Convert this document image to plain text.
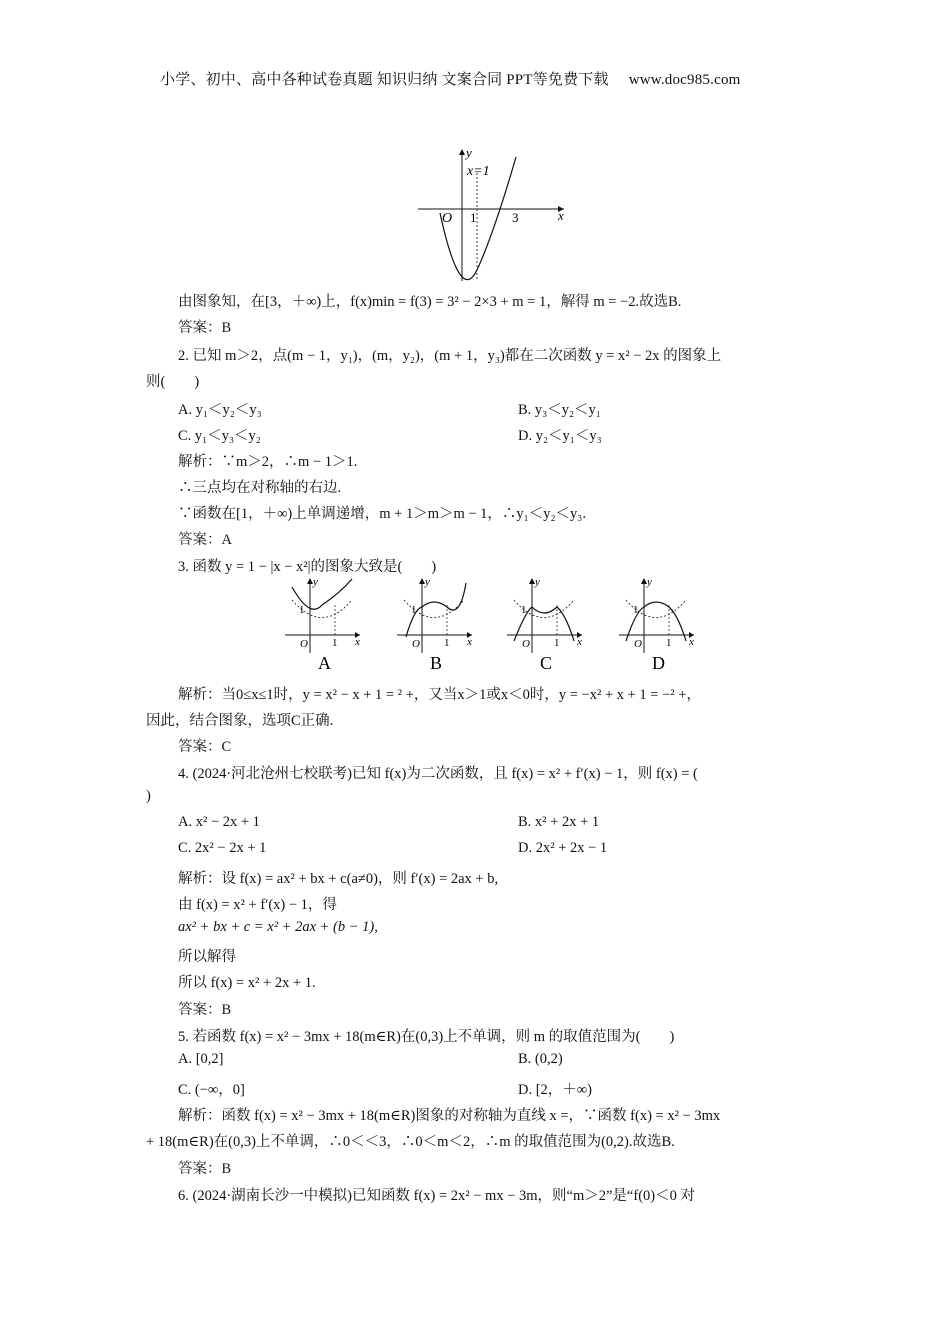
小学、初中、高中各种试卷真题 知识归纳 文案合同 PPT等免费下载 www.doc985.com
y
x=1
O 1	3	x
由图象知，在[3，＋∞)上，f(x)min = f(3) = 3² − 2×3 + m = 1，解得 m = −2.故选B.
答案：B
2. 已知 m＞2，点(m − 1，y₁)，(m，y₂)，(m + 1，y₃)都在二次函数 y = x² − 2x 的图象上
则(　　)
A. y₁＜y₂＜y₃	B. y₃＜y₂＜y₁
C. y₁＜y₃＜y₂	D. y₂＜y₁＜y₃
解析：∵m＞2，∴m − 1＞1.
∴三点均在对称轴的右边.
∵函数在[1，＋∞)上单调递增，m + 1＞m＞m − 1，∴y₁＜y₂＜y₃.
答案：A
3. 函数 y = 1 − |x − x²|的图象大致是(　　)
y
1
O 1 x
A
y
1
O 1 x
B
y
1
O 1 x
C
y
1
O 1 x
D
解析：当0≤x≤1时，y = x² − x + 1 = ² +，又当x＞1或x＜0时，y = −x² + x + 1 = −² +，
因此，结合图象，选项C正确.
答案：C
4. (2024·河北沧州七校联考)已知 f(x)为二次函数，且 f(x) = x² + f′(x) − 1，则 f(x) = (
)
A. x² − 2x + 1	B. x² + 2x + 1
C. 2x² − 2x + 1	D. 2x² + 2x − 1
解析：设 f(x) = ax² + bx + c(a≠0)，则 f′(x) = 2ax + b,
由 f(x) = x² + f′(x) − 1，得
ax² + bx + c = x² + 2ax + (b − 1),
所以解得
所以 f(x) = x² + 2x + 1.
答案：B
5. 若函数 f(x) = x² − 3mx + 18(m∈R)在(0,3)上不单调，则 m 的取值范围为(　　)
A. [0,2]	B. (0,2)
C. (−∞，0]	D. [2，＋∞)
解析：函数 f(x) = x² − 3mx + 18(m∈R)图象的对称轴为直线 x =，∵函数 f(x) = x² − 3mx
+ 18(m∈R)在(0,3)上不单调，∴0＜＜3，∴0＜m＜2，∴m 的取值范围为(0,2).故选B.
答案：B
6. (2024·湖南长沙一中模拟)已知函数 f(x) = 2x² − mx − 3m，则“m＞2”是“f(0)＜0 对
